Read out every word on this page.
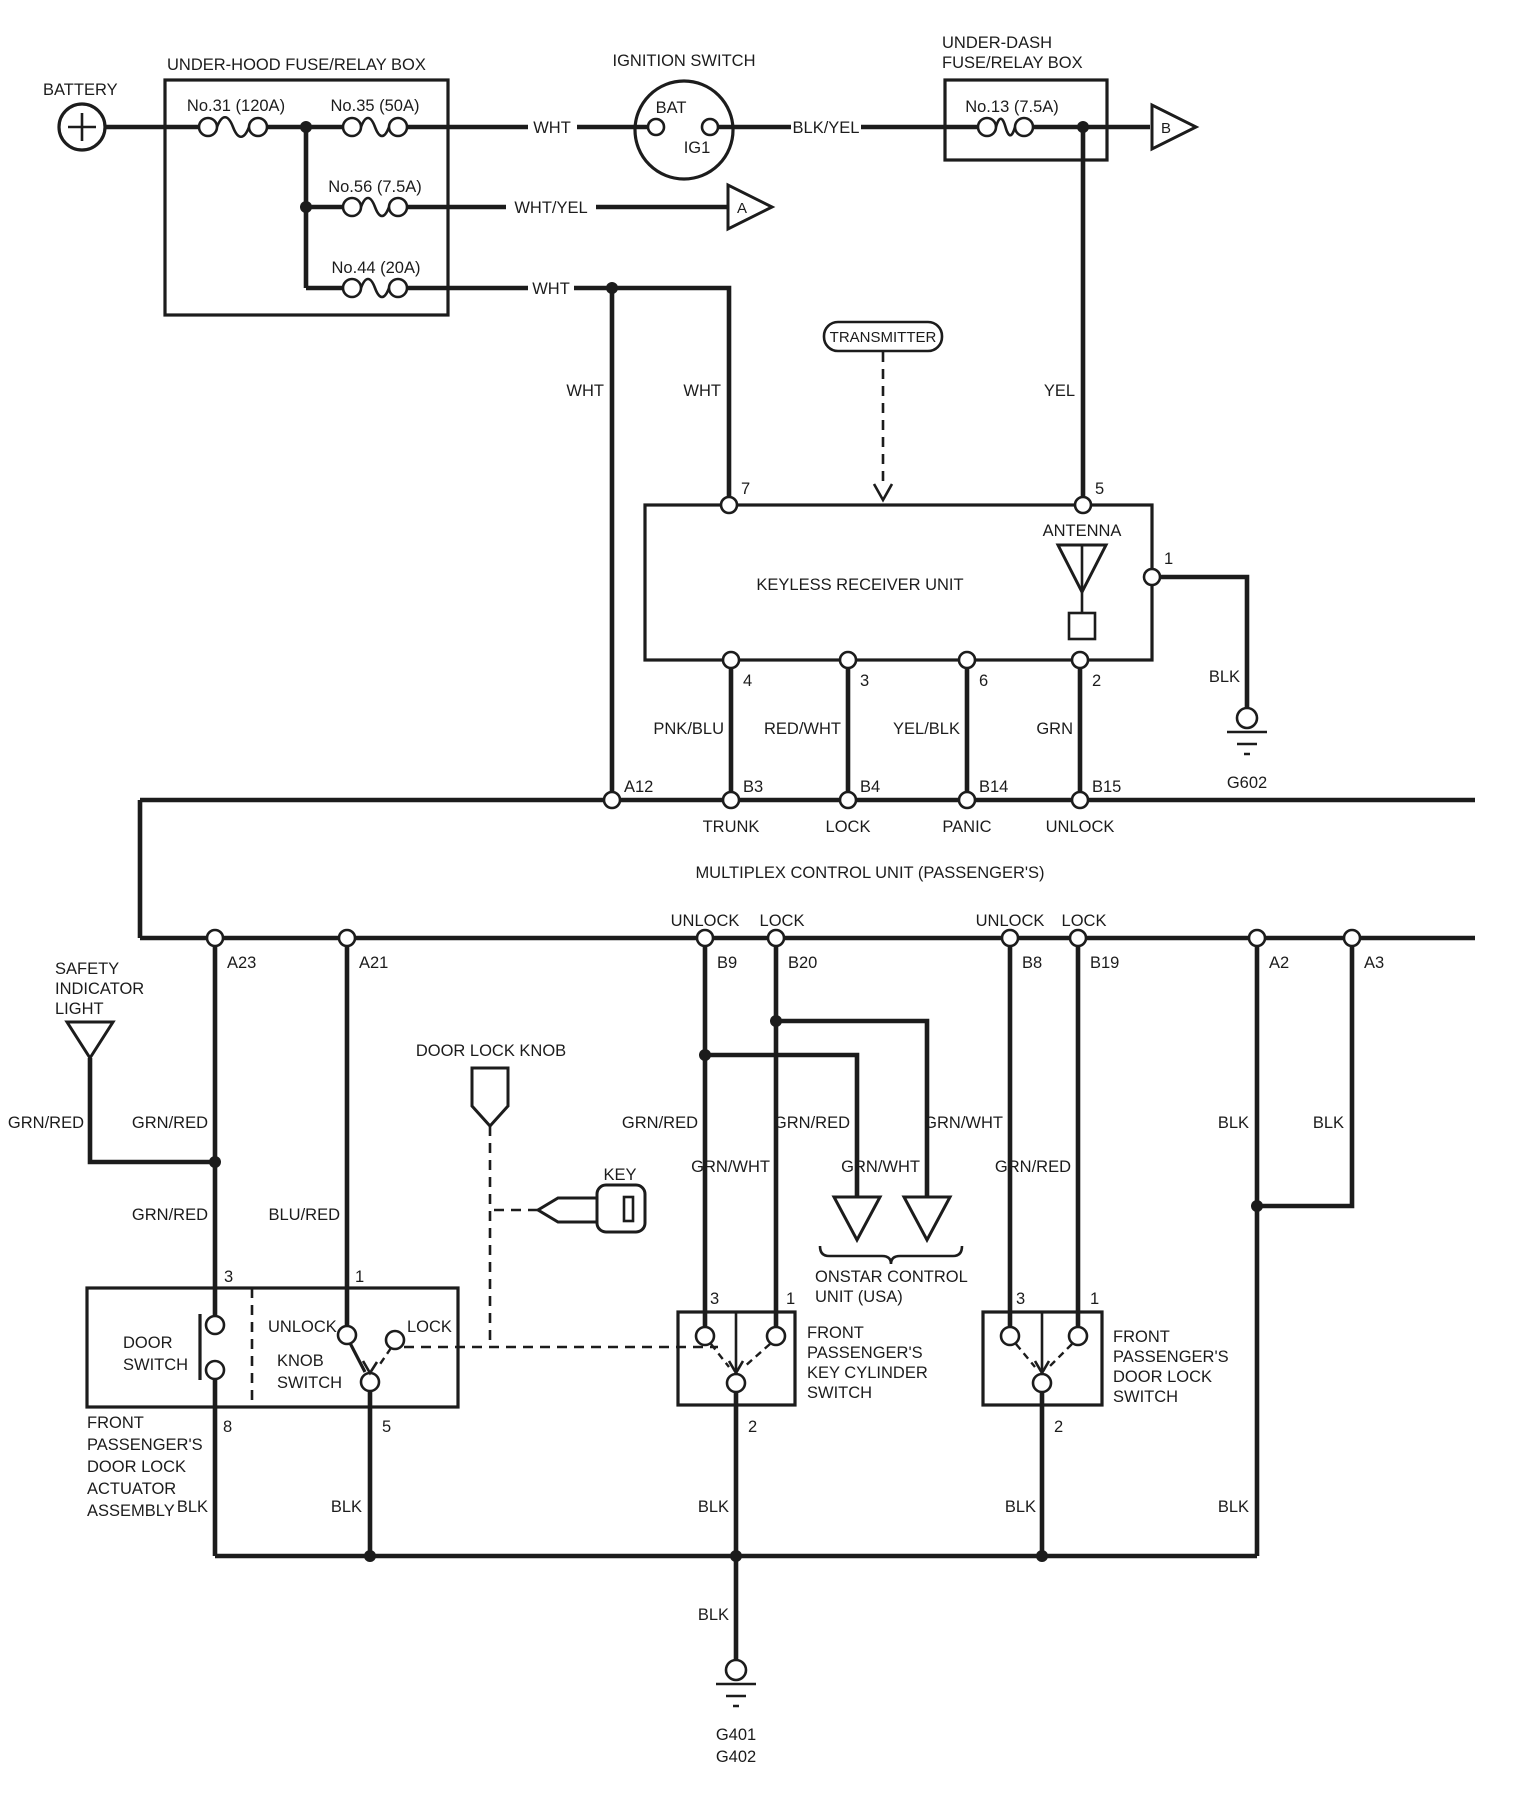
BATTERY
UNDER-HOOD FUSE/RELAY BOX
No.31 (120A)	No.35 (50A)
No.56 (7.5A)
No.44 (20A)
WHT	BLK/YEL
WHT/YEL	A
WHT
WHT	WHT
IGNITION SWITCH
BAT
IG1
UNDER-DASH
FUSE/RELAY BOX
No.13 (7.5A)
B
YEL
TRANSMITTER
KEYLESS RECEIVER UNIT
7	5
ANTENNA
1
BLK
G602
4	3	6	2
PNK/BLU RED/WHT	YEL/BLK	GRN
MULTIPLEX CONTROL UNIT (PASSENGER'S)
A12	B3	B4	B14	B15
TRUNK	LOCK	PANIC	UNLOCK
UNLOCK LOCK	UNLOCK LOCK
A23	A21	B9	B20	B8	B19	A2	A3
SAFETY
INDICATOR
LIGHT
GRN/RED	GRN/RED
GRN/RED	BLU/RED
3	1
DOOR LOCK KNOB
KEY
GRN/RED
GRN/WHT
GRN/RED
GRN/WHT
ONSTAR CONTROL
UNIT (USA)
DOOR
SWITCH	KNOB
SWITCH
UNLOCK	LOCK
8	5
BLK	BLK
FRONT
PASSENGER'S
DOOR LOCK
ACTUATOR
ASSEMBLY
3	1
2
BLK
FRONT
PASSENGER'S
KEY CYLINDER
SWITCH
GRN/WHT
GRN/RED
3	1
2
BLK
FRONT
PASSENGER'S
DOOR LOCK
SWITCH
BLK	BLK
BLK
BLK
G401
G402
